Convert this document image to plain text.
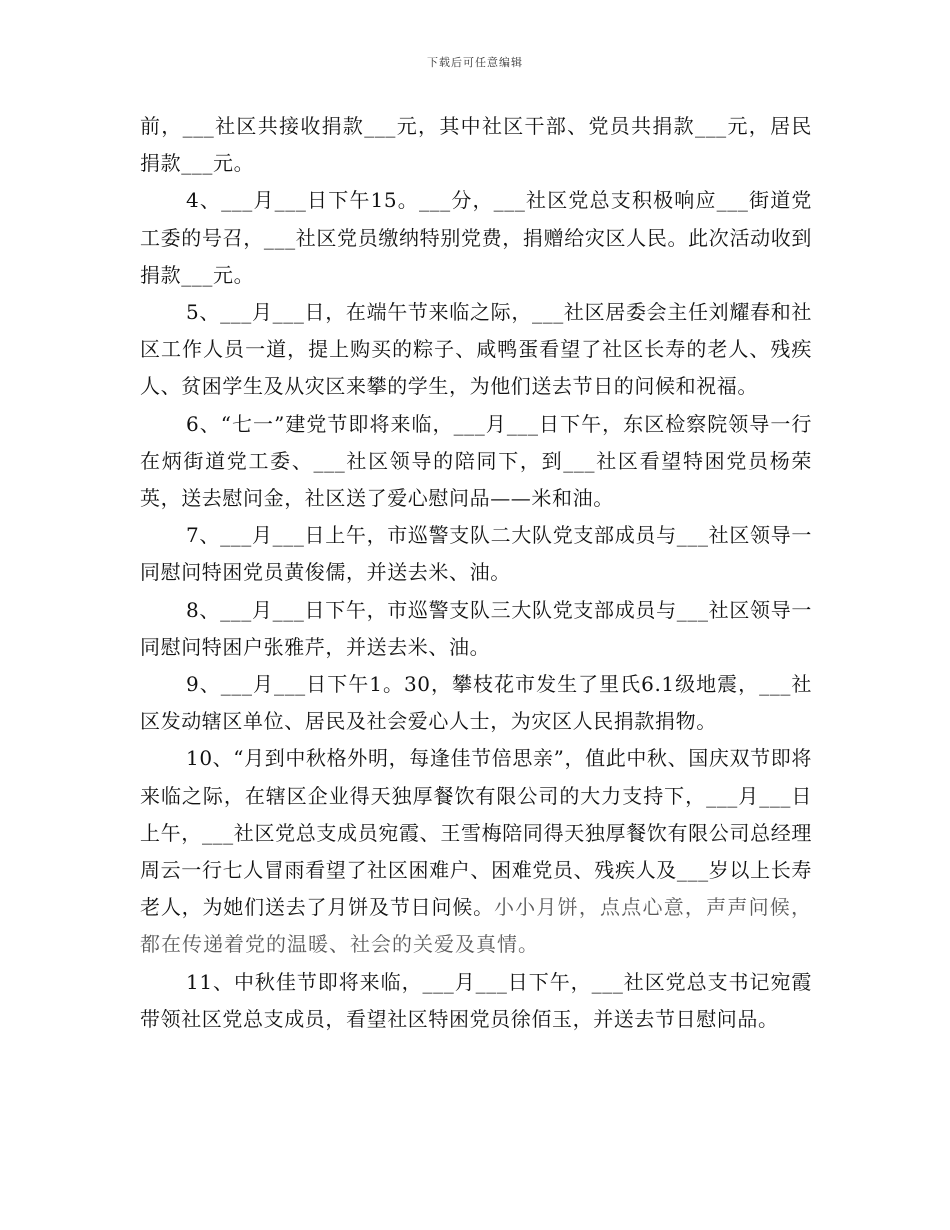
下载后可任意编辑

前，___社区共接收捐款___元，其中社区干部、党员共捐款___元，居民捐款___元。

4、___月___日下午15。___分，___社区党总支积极响应___街道党工委的号召，___社区党员缴纳特别党费，捐赠给灾区人民。此次活动收到捐款___元。

5、___月___日，在端午节来临之际，___社区居委会主任刘耀春和社区工作人员一道，提上购买的粽子、咸鸭蛋看望了社区长寿的老人、残疾人、贫困学生及从灾区来攀的学生，为他们送去节日的问候和祝福。

6、“七一”建党节即将来临，___月___日下午，东区检察院领导一行在炳街道党工委、___社区领导的陪同下，到___社区看望特困党员杨荣英，送去慰问金，社区送了爱心慰问品——米和油。

7、___月___日上午，市巡警支队二大队党支部成员与___社区领导一同慰问特困党员黄俊儒，并送去米、油。

8、___月___日下午，市巡警支队三大队党支部成员与___社区领导一同慰问特困户张雅芹，并送去米、油。

9、___月___日下午1。30，攀枝花市发生了里氏6.1级地震，___社区发动辖区单位、居民及社会爱心人士，为灾区人民捐款捐物。

10、“月到中秋格外明，每逢佳节倍思亲”，值此中秋、国庆双节即将来临之际，在辖区企业得天独厚餐饮有限公司的大力支持下，___月___日上午，___社区党总支成员宛霞、王雪梅陪同得天独厚餐饮有限公司总经理周云一行七人冒雨看望了社区困难户、困难党员、残疾人及___岁以上长寿老人，为她们送去了月饼及节日问候。小小月饼，点点心意，声声问候，都在传递着党的温暖、社会的关爱及真情。

11、中秋佳节即将来临，___月___日下午，___社区党总支书记宛霞带领社区党总支成员，看望社区特困党员徐佰玉，并送去节日慰问品。
